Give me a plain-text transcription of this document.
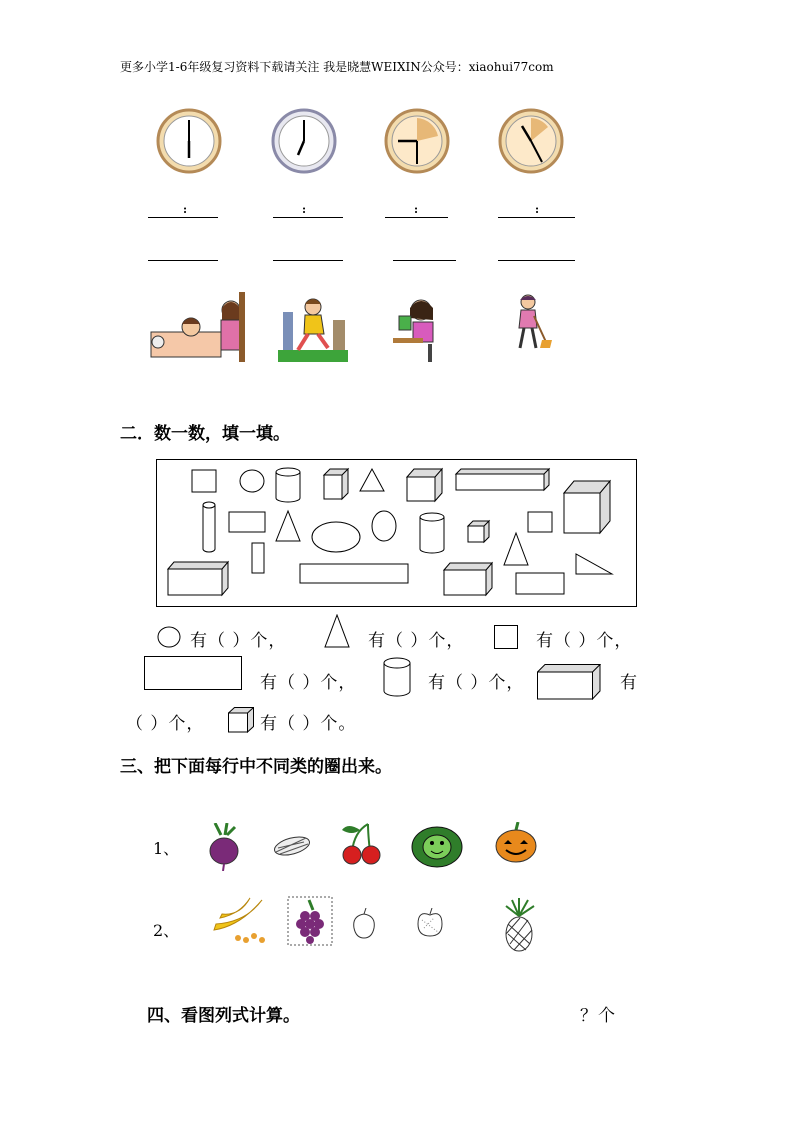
更多小学1-6年级复习资料下载请关注 我是晓慧WEIXIN公众号：xiaohui77com
:	:	:	:
二．数一数，填一填。
有（ ）个，	有（ ）个，	有（ ）个，
有（ ）个，	有（ ）个，	有
（ ）个，	有（ ）个。
三、把下面每行中不同类的圈出来。
1、
2、
四、看图列式计算。	？个
